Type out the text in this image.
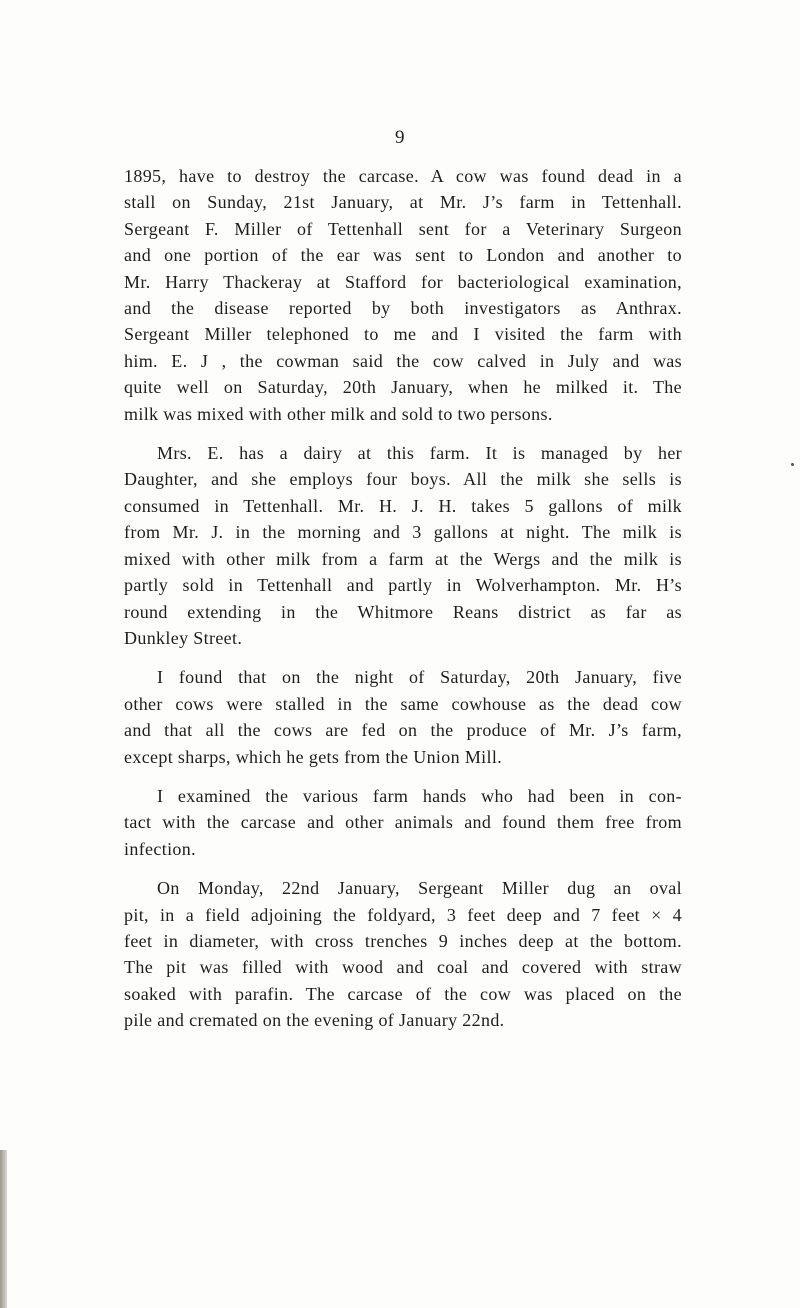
9
1895, have to destroy the carcase. A cow was found dead in a
stall on Sunday, 21st January, at Mr. J’s farm in Tettenhall.
Sergeant F. Miller of Tettenhall sent for a Veterinary Surgeon
and one portion of the ear was sent to London and another to
Mr. Harry Thackeray at Stafford for bacteriological examination,
and the disease reported by both investigators as Anthrax.
Sergeant Miller telephoned to me and I visited the farm with
him. E. J , the cowman said the cow calved in July and was
quite well on Saturday, 20th January, when he milked it. The
milk was mixed with other milk and sold to two persons.
Mrs. E. has a dairy at this farm. It is managed by her
Daughter, and she employs four boys. All the milk she sells is
consumed in Tettenhall. Mr. H. J. H. takes 5 gallons of milk
from Mr. J. in the morning and 3 gallons at night. The milk is
mixed with other milk from a farm at the Wergs and the milk is
partly sold in Tettenhall and partly in Wolverhampton. Mr. H’s
round extending in the Whitmore Reans district as far as
Dunkley Street.
I found that on the night of Saturday, 20th January, five
other cows were stalled in the same cowhouse as the dead cow
and that all the cows are fed on the produce of Mr. J’s farm,
except sharps, which he gets from the Union Mill.
I examined the various farm hands who had been in con-
tact with the carcase and other animals and found them free from
infection.
On Monday, 22nd January, Sergeant Miller dug an oval
pit, in a field adjoining the foldyard, 3 feet deep and 7 feet × 4
feet in diameter, with cross trenches 9 inches deep at the bottom.
The pit was filled with wood and coal and covered with straw
soaked with parafin. The carcase of the cow was placed on the
pile and cremated on the evening of January 22nd.
